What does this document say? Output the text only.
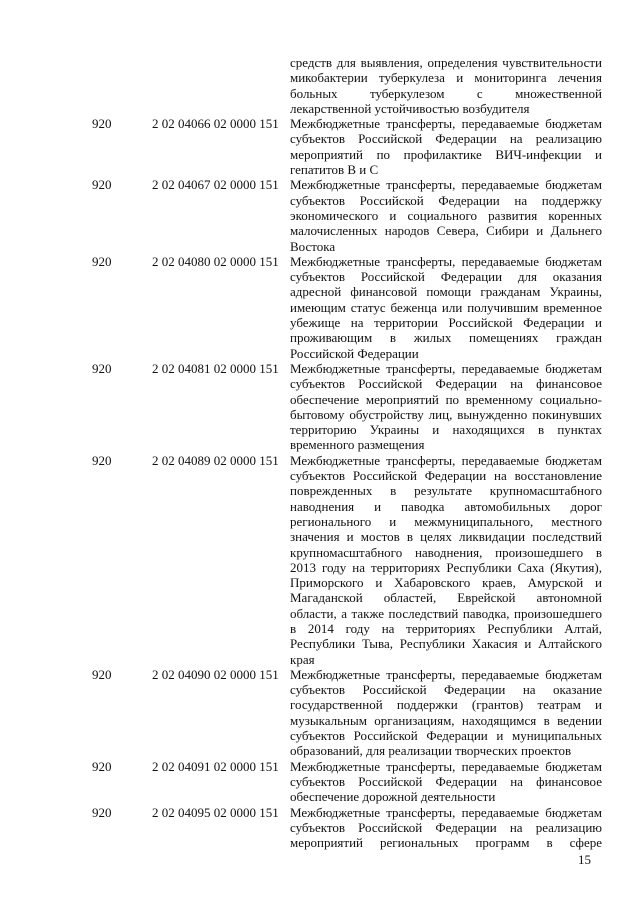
средств для выявления, определения чувствительности
микобактерии туберкулеза и мониторинга лечения
больных туберкулезом с множественной
лекарственной устойчивостью возбудителя
920	2 02 04066 02 0000 151 Межбюджетные трансферты, передаваемые бюджетам
субъектов Российской Федерации на реализацию
мероприятий по профилактике ВИЧ-инфекции и
гепатитов В и С
920	2 02 04067 02 0000 151 Межбюджетные трансферты, передаваемые бюджетам
субъектов Российской Федерации на поддержку
экономического и социального развития коренных
малочисленных народов Севера, Сибири и Дальнего
Востока
920	2 02 04080 02 0000 151 Межбюджетные трансферты, передаваемые бюджетам
субъектов Российской Федерации для оказания
адресной финансовой помощи гражданам Украины,
имеющим статус беженца или получившим временное
убежище на территории Российской Федерации и
проживающим в жилых помещениях граждан
Российской Федерации
920	2 02 04081 02 0000 151 Межбюджетные трансферты, передаваемые бюджетам
субъектов Российской Федерации на финансовое
обеспечение мероприятий по временному социально-
бытовому обустройству лиц, вынужденно покинувших
территорию Украины и находящихся в пунктах
временного размещения
920	2 02 04089 02 0000 151 Межбюджетные трансферты, передаваемые бюджетам
субъектов Российской Федерации на восстановление
поврежденных в результате крупномасштабного
наводнения и паводка автомобильных дорог
регионального и межмуниципального, местного
значения и мостов в целях ликвидации последствий
крупномасштабного наводнения, произошедшего в
2013 году на территориях Республики Саха (Якутия),
Приморского и Хабаровского краев, Амурской и
Магаданской областей, Еврейской автономной
области, а также последствий паводка, произошедшего
в 2014 году на территориях Республики Алтай,
Республики Тыва, Республики Хакасия и Алтайского
края
920	2 02 04090 02 0000 151 Межбюджетные трансферты, передаваемые бюджетам
субъектов Российской Федерации на оказание
государственной поддержки (грантов) театрам и
музыкальным организациям, находящимся в ведении
субъектов Российской Федерации и муниципальных
образований, для реализации творческих проектов
920	2 02 04091 02 0000 151 Межбюджетные трансферты, передаваемые бюджетам
субъектов Российской Федерации на финансовое
обеспечение дорожной деятельности
920	2 02 04095 02 0000 151 Межбюджетные трансферты, передаваемые бюджетам
субъектов Российской Федерации на реализацию
мероприятий региональных программ в сфере
15
